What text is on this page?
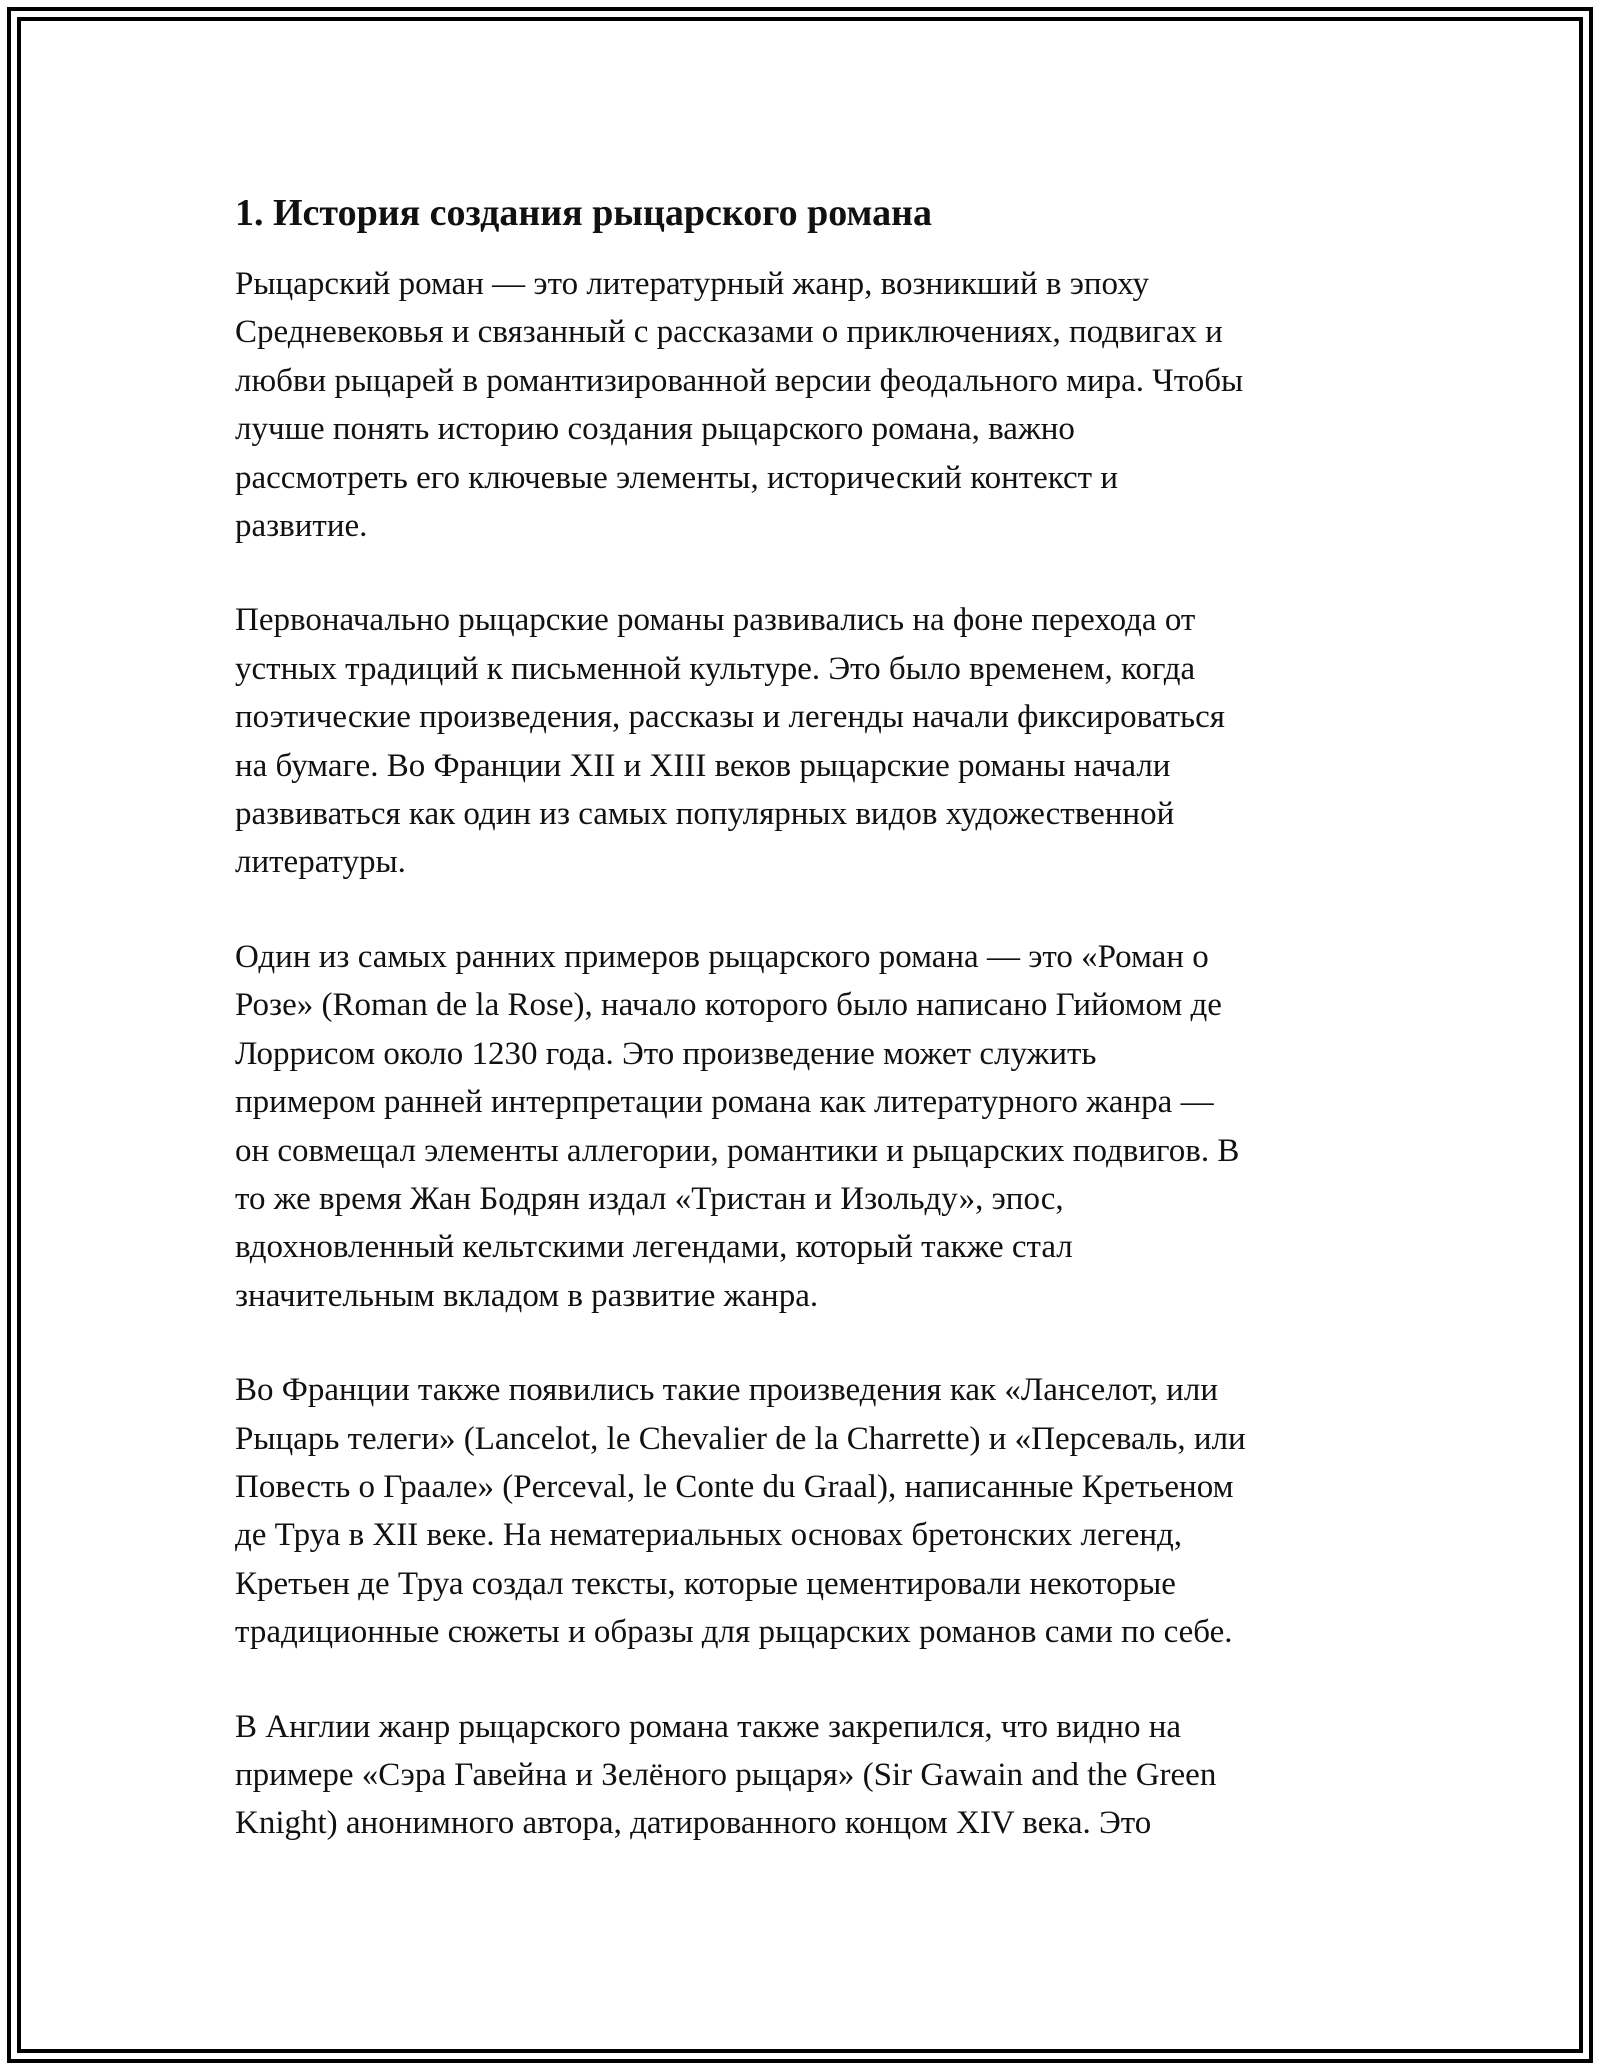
1. История создания рыцарского романа

Рыцарский роман — это литературный жанр, возникший в эпоху
Средневековья и связанный с рассказами о приключениях, подвигах и
любви рыцарей в романтизированной версии феодального мира. Чтобы
лучше понять историю создания рыцарского романа, важно
рассмотреть его ключевые элементы, исторический контекст и
развитие.

Первоначально рыцарские романы развивались на фоне перехода от
устных традиций к письменной культуре. Это было временем, когда
поэтические произведения, рассказы и легенды начали фиксироваться
на бумаге. Во Франции XII и XIII веков рыцарские романы начали
развиваться как один из самых популярных видов художественной
литературы.

Один из самых ранних примеров рыцарского романа — это «Роман о
Розе» (Roman de la Rose), начало которого было написано Гийомом де
Лоррисом около 1230 года. Это произведение может служить
примером ранней интерпретации романа как литературного жанра —
он совмещал элементы аллегории, романтики и рыцарских подвигов. В
то же время Жан Бодрян издал «Тристан и Изольду», эпос,
вдохновленный кельтскими легендами, который также стал
значительным вкладом в развитие жанра.

Во Франции также появились такие произведения как «Ланселот, или
Рыцарь телеги» (Lancelot, le Chevalier de la Charrette) и «Персеваль, или
Повесть о Граале» (Perceval, le Conte du Graal), написанные Кретьеном
де Труа в XII веке. На нематериальных основах бретонских легенд,
Кретьен де Труа создал тексты, которые цементировали некоторые
традиционные сюжеты и образы для рыцарских романов сами по себе.

В Англии жанр рыцарского романа также закрепился, что видно на
примере «Сэра Гавейна и Зелёного рыцаря» (Sir Gawain and the Green
Knight) анонимного автора, датированного концом XIV века. Это
